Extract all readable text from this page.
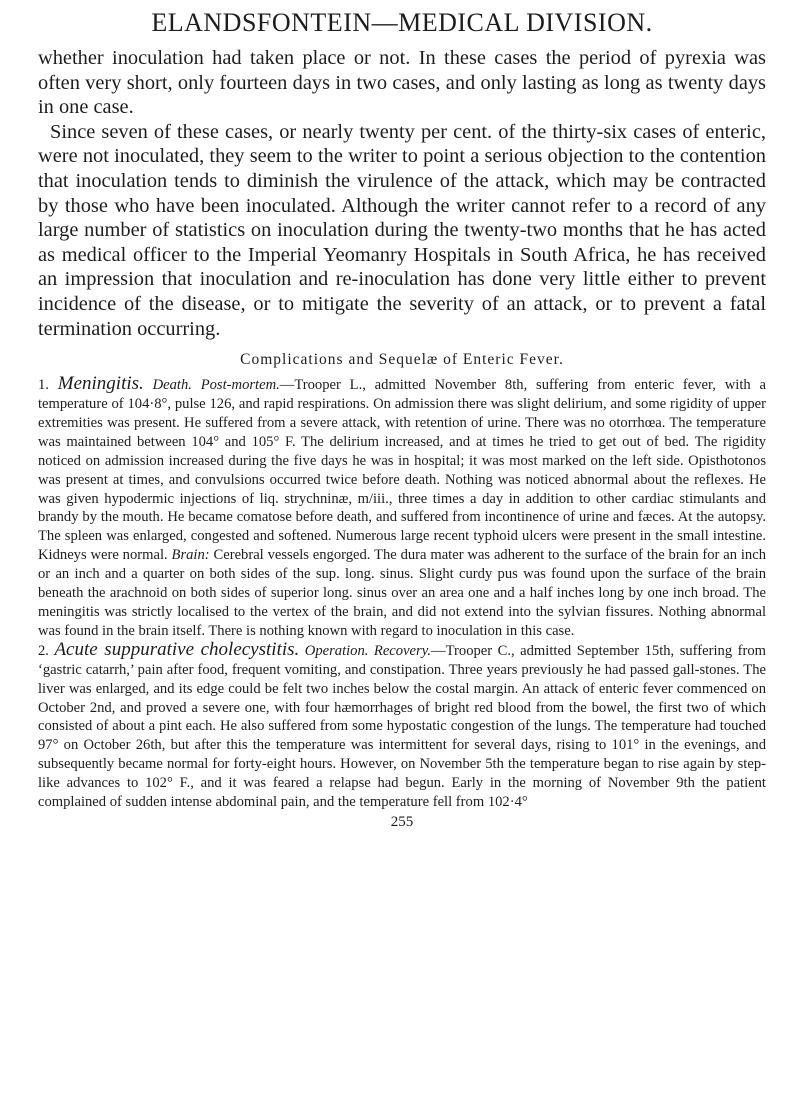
ELANDSFONTEIN—MEDICAL DIVISION.

whether inoculation had taken place or not. In these cases the period of pyrexia was often very short, only fourteen days in two cases, and only lasting as long as twenty days in one case.

Since seven of these cases, or nearly twenty per cent. of the thirty-six cases of enteric, were not inoculated, they seem to the writer to point a serious objection to the contention that inoculation tends to diminish the virulence of the attack, which may be contracted by those who have been inoculated. Although the writer cannot refer to a record of any large number of statistics on inoculation during the twenty-two months that he has acted as medical officer to the Imperial Yeomanry Hospitals in South Africa, he has received an impression that inoculation and re-inoculation has done very little either to prevent incidence of the disease, or to mitigate the severity of an attack, or to prevent a fatal termination occurring.

Complications and Sequelæ of Enteric Fever.

1. Meningitis. Death. Post-mortem.—Trooper L., admitted November 8th, suffering from enteric fever, with a temperature of 104·8°, pulse 126, and rapid respirations. On admission there was slight delirium, and some rigidity of upper extremities was present. He suffered from a severe attack, with retention of urine. There was no otorrhœa. The temperature was maintained between 104° and 105° F. The delirium increased, and at times he tried to get out of bed. The rigidity noticed on admission increased during the five days he was in hospital; it was most marked on the left side. Opisthotonos was present at times, and convulsions occurred twice before death. Nothing was noticed abnormal about the reflexes. He was given hypodermic injections of liq. strychninæ, m/iii., three times a day in addition to other cardiac stimulants and brandy by the mouth. He became comatose before death, and suffered from incontinence of urine and fæces. At the autopsy. The spleen was enlarged, congested and softened. Numerous large recent typhoid ulcers were present in the small intestine. Kidneys were normal. Brain: Cerebral vessels engorged. The dura mater was adherent to the surface of the brain for an inch or an inch and a quarter on both sides of the sup. long. sinus. Slight curdy pus was found upon the surface of the brain beneath the arachnoid on both sides of superior long. sinus over an area one and a half inches long by one inch broad. The meningitis was strictly localised to the vertex of the brain, and did not extend into the sylvian fissures. Nothing abnormal was found in the brain itself. There is nothing known with regard to inoculation in this case.

2. Acute suppurative cholecystitis. Operation. Recovery.—Trooper C., admitted September 15th, suffering from ‘gastric catarrh,’ pain after food, frequent vomiting, and constipation. Three years previously he had passed gall-stones. The liver was enlarged, and its edge could be felt two inches below the costal margin. An attack of enteric fever commenced on October 2nd, and proved a severe one, with four hæmorrhages of bright red blood from the bowel, the first two of which consisted of about a pint each. He also suffered from some hypostatic congestion of the lungs. The temperature had touched 97° on October 26th, but after this the temperature was intermittent for several days, rising to 101° in the evenings, and subsequently became normal for forty-eight hours. However, on November 5th the temperature began to rise again by step-like advances to 102° F., and it was feared a relapse had begun. Early in the morning of November 9th the patient complained of sudden intense abdominal pain, and the temperature fell from 102·4°

255
